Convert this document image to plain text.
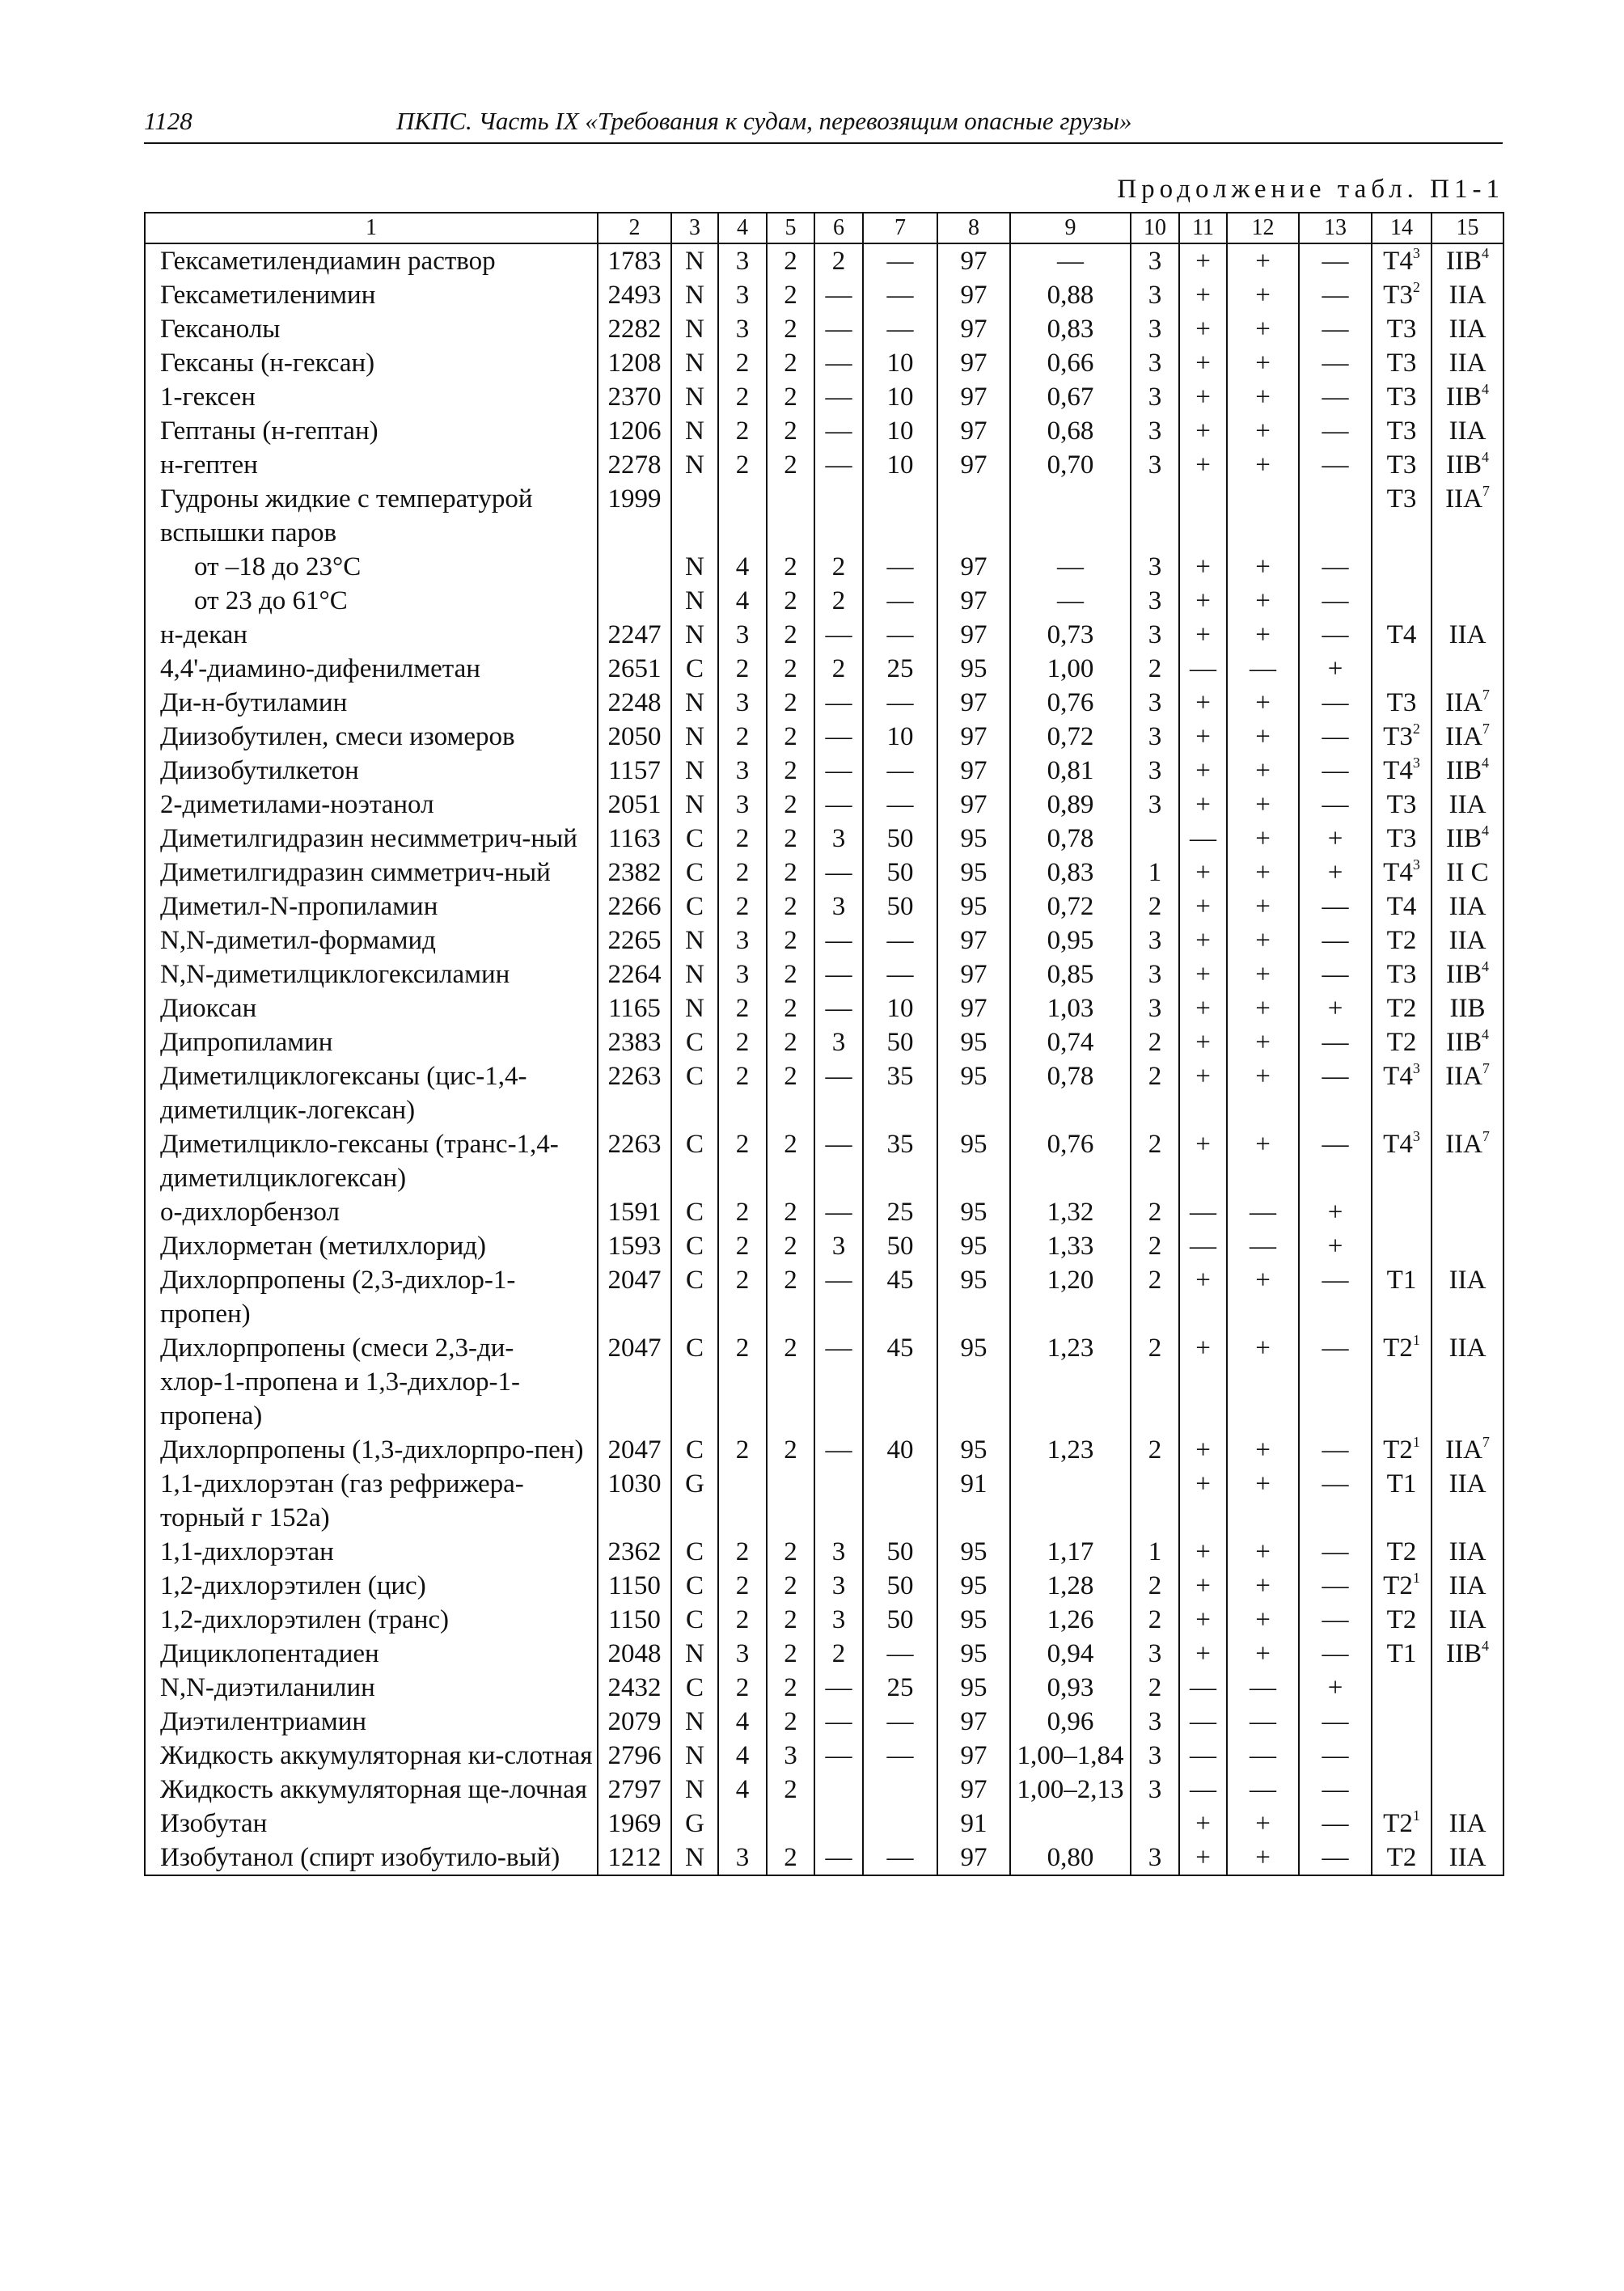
1128	ПКПС. Часть IX «Требования к судам, перевозящим опасные грузы»
Продолжение табл. П1-1
1	2	3	4	5	6	7	8	9	10	11	12	13	14	15
Гексаметилендиамин раствор	1783	N	3	2	2	—	97	—	3	+	+	—	$Т4^3$	IIB$^4$
Гексаметиленимин	2493	N	3	2	—	—	97	0,88	3	+	+	—	$Т3^2$	IIA
Гексанолы	2282	N	3	2	—	—	97	0,83	3	+	+	—	Т3	IIA
Гексаны (н-гексан)	1208	N	2	2	—	10	97	0,66	3	+	+	—	Т3	IIA
1-гексен	2370	N	2	2	—	10	97	0,67	3	+	+	—	Т3	IIB$^4$
Гептаны (н-гептан)	1206	N	2	2	—	10	97	0,68	3	+	+	—	Т3	IIA
н-гептен	2278	N	2	2	—	10	97	0,70	3	+	+	—	Т3	IIB$^4$
Гудроны жидкие с температурой вспышки паров	1999												Т3	IIA$^7$
от –18 до 23°С		N	4	2	2	—	97	—	3	+	+	—		
от 23 до 61°С		N	4	2	2	—	97	—	3	+	+	—		
н-декан	2247	N	3	2	—	—	97	0,73	3	+	+	—	Т4	IIA
4,4'-диамино-дифенилметан	2651	С	2	2	2	25	95	1,00	2	—	—	+		
Ди-н-бутиламин	2248	N	3	2	—	—	97	0,76	3	+	+	—	Т3	IIA$^7$
Диизобутилен, смеси изомеров	2050	N	2	2	—	10	97	0,72	3	+	+	—	$Т3^2$	IIA$^7$
Диизобутилкетон	1157	N	3	2	—	—	97	0,81	3	+	+	—	$Т4^3$	IIB$^4$
2-диметилами-ноэтанол	2051	N	3	2	—	—	97	0,89	3	+	+	—	Т3	IIA
Диметилгидразин несимметрич-ный	1163	С	2	2	3	50	95	0,78		—	+	+	Т3	IIB$^4$
Диметилгидразин симметрич-ный	2382	С	2	2	—	50	95	0,83	1	+	+	+	$Т4^3$	II C
Диметил-N-пропиламин	2266	С	2	2	3	50	95	0,72	2	+	+	—	Т4	IIA
N,N-диметил-формамид	2265	N	3	2	—	—	97	0,95	3	+	+	—	Т2	IIA
N,N-диметилциклогексиламин	2264	N	3	2	—	—	97	0,85	3	+	+	—	Т3	IIB$^4$
Диоксан	1165	N	2	2	—	10	97	1,03	3	+	+	+	Т2	IIB
Дипропиламин	2383	С	2	2	3	50	95	0,74	2	+	+	—	Т2	IIB$^4$
Диметилциклогексаны (цис-1,4-диметилцик-логексан)	2263	С	2	2	—	35	95	0,78	2	+	+	—	$Т4^3$	IIA$^7$
Диметилцикло-гексаны (транс-1,4-диметилциклогексан)	2263	С	2	2	—	35	95	0,76	2	+	+	—	$Т4^3$	IIA$^7$
о-дихлорбензол	1591	С	2	2	—	25	95	1,32	2	—	—	+		
Дихлорметан (метилхлорид)	1593	С	2	2	3	50	95	1,33	2	—	—	+		
Дихлорпропены (2,3-дихлор-1-пропен)	2047	С	2	2	—	45	95	1,20	2	+	+	—	Т1	IIA
Дихлорпропены (смеси 2,3-ди-хлор-1-пропена и 1,3-дихлор-1-пропена)	2047	С	2	2	—	45	95	1,23	2	+	+	—	$Т2^1$	IIA
Дихлорпропены (1,3-дихлорпро-пен)	2047	С	2	2	—	40	95	1,23	2	+	+	—	$Т2^1$	IIA$^7$
1,1-дихлорэтан (газ рефрижера-торный г 152а)	1030	G					91			+	+	—	Т1	IIA
1,1-дихлорэтан	2362	С	2	2	3	50	95	1,17	1	+	+	—	Т2	IIA
1,2-дихлорэтилен (цис)	1150	С	2	2	3	50	95	1,28	2	+	+	—	$Т2^1$	IIA
1,2-дихлорэтилен (транс)	1150	С	2	2	3	50	95	1,26	2	+	+	—	Т2	IIA
Дициклопентадиен	2048	N	3	2	2	—	95	0,94	3	+	+	—	Т1	IIB$^4$
N,N-диэтиланилин	2432	С	2	2	—	25	95	0,93	2	—	—	+		
Диэтилентриамин	2079	N	4	2	—	—	97	0,96	3	—	—	—		
Жидкость аккумуляторная ки-слотная	2796	N	4	3	—	—	97	1,00–1,84	3	—	—	—		
Жидкость аккумуляторная ще-лочная	2797	N	4	2			97	1,00–2,13	3	—	—	—		
Изобутан	1969	G					91			+	+	—	$Т2^1$	IIA
Изобутанол (спирт изобутило-вый)	1212	N	3	2	—	—	97	0,80	3	+	+	—	Т2	IIA
